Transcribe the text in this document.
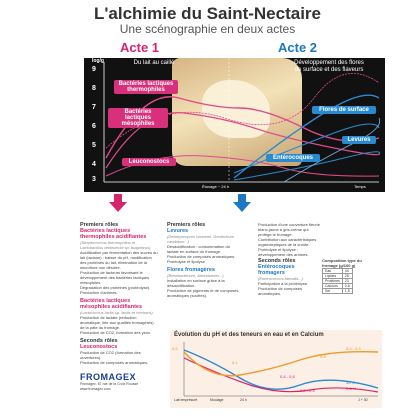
L'alchimie du Saint-Nectaire
Une scénographie en deux actes
Acte 1	Acte 2
log/g
9
8
7
6
5
4
3
Du lait au caillé	Développement des flores
de surface et des flaveurs
Bactéries lactiques thermophiles
Bactéries lactiques mésophiles
Leuconostocs
Flores de surface
Levures
Entérocoques
Étuvage ~ 24 h	Temps
Premiers rôles
Bactéries lactiques thermophiles acidifiantes
(Streptococcus thermophilus et Lactobacillus delbrueckii sp. bulgaricus)
Acidification par fermentation des sucres du lait (lactose) : baisse du pH, modification des protéines du lait, élimination de la microflore non désirée.
Production de facteurs favorisant le développement des bactéries lactiques mésophiles.
Dégradation des protéines (protéolyse).
Production d'arômes.
Bactéries lactiques mésophiles acidifiantes
(Lactococcus lactis sp. lactis et cremoris)
Production de lactate (réduction aromatique, liée aux qualités fromagères) de la pâte du fromage.
Production de CO2, formation des yeux.
Seconds rôles
Leuconostocs
Production de CO2 (formation des ouvertures).
Production de composés aromatiques.
Premiers rôles
Levures
(Debaryomyces hansenii, Geotrichum candidum...)
Désacidification : consommation du lactate en surface du fromage.
Production de composés aromatiques.
Protéolyse et lipolyse.
Flores fromagères
(Brevibacterium, Arthrobacter...)
Installation en surface grâce à la désacidification.
Production de pigments et de composés aromatiques (soufrés).
Seconds rôles
Entérocoques fromagers
(Enterococcus faecalis...)
Participation à la protéolyse.
Production de composés aromatiques.
Production d'une couverture fleurie blanc-jaune à gris-crème qui protège le fromage.
Contribution aux caractéristiques organoleptiques de la croûte.
Protéolyse et lipolyse : développement des arômes.
Composition type du fromage (g/100 g)
Eau	44
Lipides	28
Protéines	23
Calcium	0,6
Sel	1,5
Évolution du pH et des teneurs en eau et en Calcium
6,5
5,1
5,5
5,0 - 5,5
45 %
0,6 %
0,4 - 0,6
0,2 - 0,4
Lait emprésuré	Moulage	24 h	J + 30
FROMAGEX
Fromagex, 67 rue de la Croix Rousse
www.fromagex.com
